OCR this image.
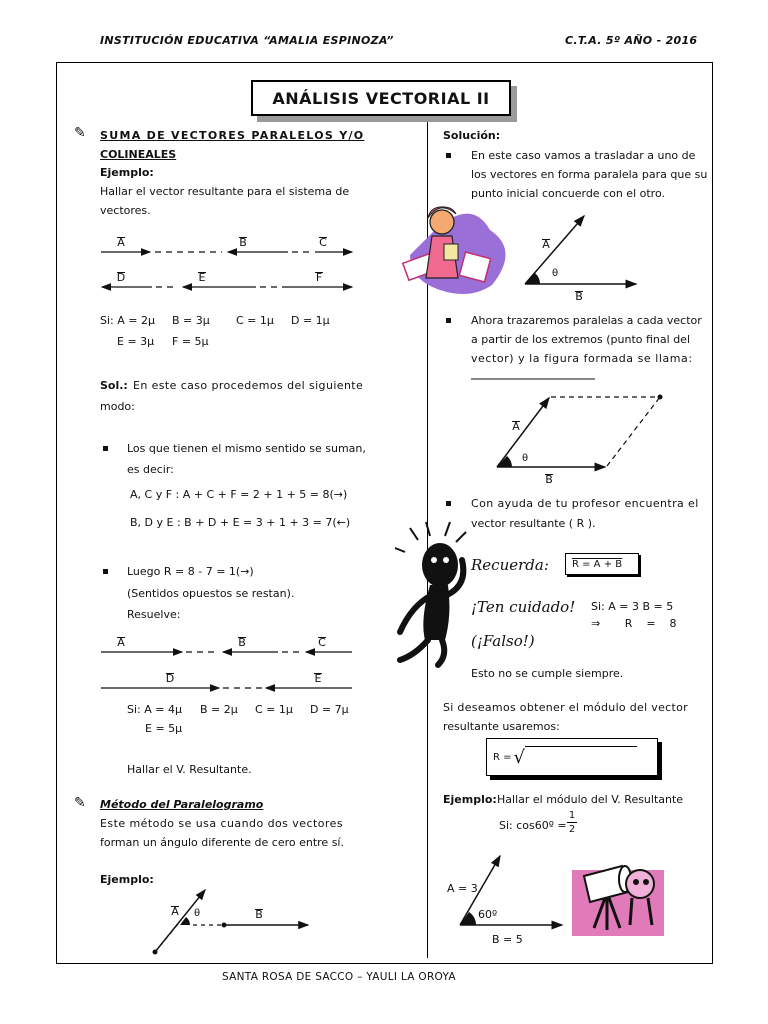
INSTITUCIÓN EDUCATIVA “AMALIA ESPINOZA”	C.T.A. 5º AÑO - 2016
ANÁLISIS VECTORIAL II
✎ SUMA DE VECTORES PARALELOS Y/O
COLINEALES
Ejemplo:
Hallar el vector resultante para el sistema de
vectores.
A	B	C
D	E	F
Si: A = 2μ B = 3μ C = 1μ D = 1μ
E = 3μ F = 5μ
Sol.: En este caso procedemos del siguiente
modo:
Los que tienen el mismo sentido se suman,
es decir:
A, C y F : A + C + F = 2 + 1 + 5 = 8(→)
B, D y E : B + D + E = 3 + 1 + 3 = 7(←)
Luego R = 8 - 7 = 1(→)
(Sentidos opuestos se restan).
Resuelve:
A	B	C
D	E
Si: A = 4μ B = 2μ C = 1μ D = 7μ
E = 5μ
Hallar el V. Resultante.
✎ Método del Paralelogramo
Este método se usa cuando dos vectores
forman un ángulo diferente de cero entre sí.
Ejemplo:
A	θ	B
Solución:
En este caso vamos a trasladar a uno de
los vectores en forma paralela para que su
punto inicial concuerde con el otro.
A
θ
B
Ahora trazaremos paralelas a cada vector
a partir de los extremos (punto final del
vector) y la figura formada se llama:
A
θ
B
Con ayuda de tu profesor encuentra el
vector resultante ( R ).
Recuerda: R = A + B
¡Ten cuidado! Si: A = 3 B = 5
⇒       R    =    8
(¡Falso!)
Esto no se cumple siempre.
Si deseamos obtener el módulo del vector
resultante usaremos:
R = √
Ejemplo: Hallar el módulo del V. Resultante
Si: cos60º = $\frac{1}{2}$
A = 3
60º
B = 5
SANTA ROSA DE SACCO – YAULI LA OROYA
